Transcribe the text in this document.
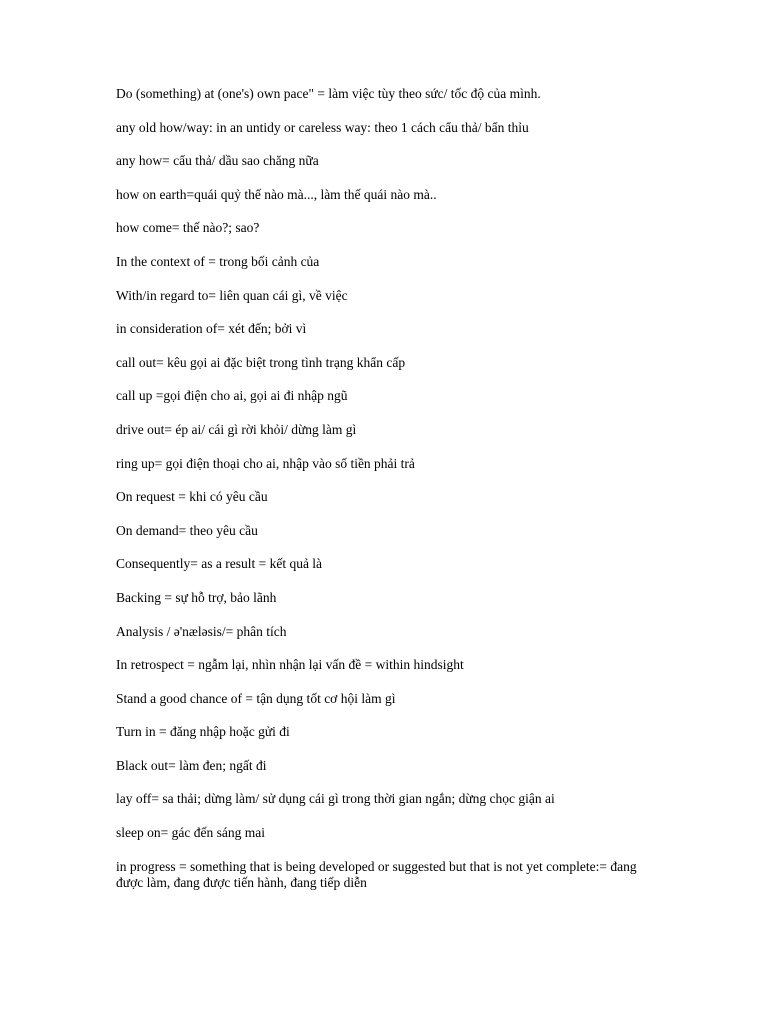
Do (something) at (one's) own pace" = làm việc tùy theo sức/ tốc độ của mình.

any old how/way: in an untidy or careless way: theo 1 cách cẩu thả/ bẩn thỉu

any how= cẩu thả/ dầu sao chăng nữa

how on earth=quái quỷ thế nào mà..., làm thế quái nào mà..

how come= thế nào?; sao?

In the context of = trong bối cảnh của

With/in regard to= liên quan cái gì, về việc

in consideration of= xét đến; bởi vì

call out= kêu gọi ai đặc biệt trong tình trạng khẩn cấp

call up =gọi điện cho ai, gọi ai đi nhập ngũ

drive out= ép ai/ cái gì rời khỏi/ dừng làm gì

ring up= gọi điện thoại cho ai, nhập vào số tiền phải trả

On request = khi có yêu cầu

On demand= theo yêu cầu

Consequently= as a result = kết quả là

Backing = sự hỗ trợ, bảo lãnh

Analysis / ə'næləsis/= phân tích

In retrospect = ngẫm lại, nhìn nhận lại vấn đề = within hindsight

Stand a good chance of = tận dụng tốt cơ hội làm gì

Turn in = đăng nhập hoặc gửi đi

Black out= làm đen; ngất đi

lay off= sa thải; dừng làm/ sử dụng cái gì trong thời gian ngắn; dừng chọc giận ai

sleep on= gác đến sáng mai

in progress = something that is being developed or suggested but that is not yet complete:= đang được làm, đang được tiến hành, đang tiếp diễn
